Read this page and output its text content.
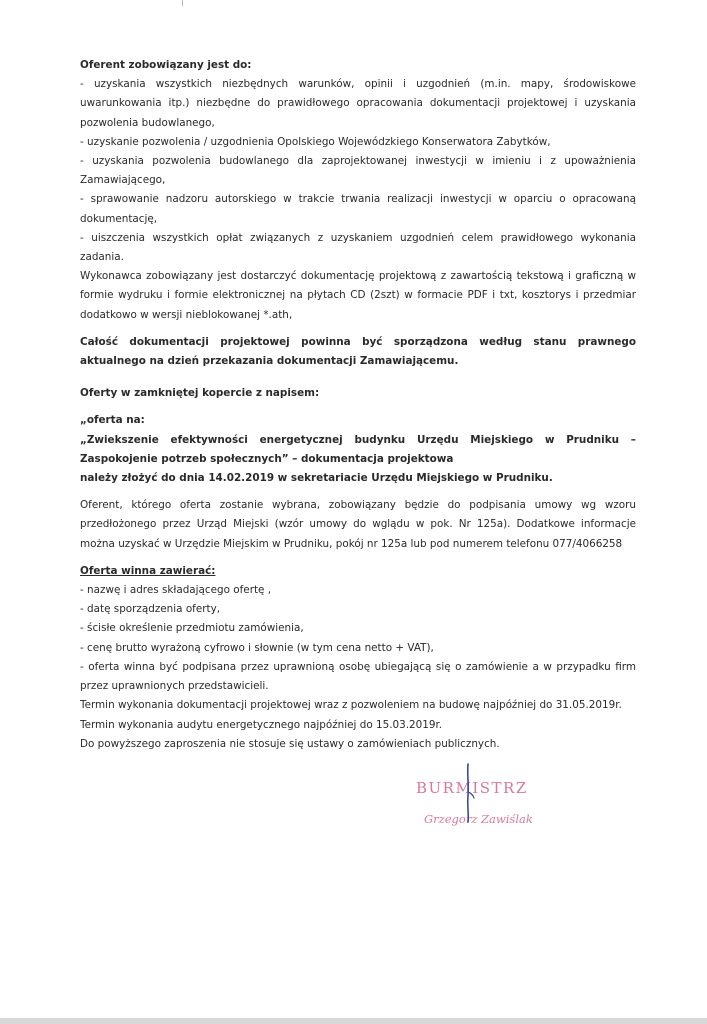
Oferent zobowiązany jest do:

- uzyskania wszystkich niezbędnych warunków, opinii i uzgodnień (m.in. mapy, środowiskowe uwarunkowania itp.) niezbędne do prawidłowego opracowania dokumentacji projektowej i uzyskania pozwolenia budowlanego,

- uzyskanie pozwolenia / uzgodnienia Opolskiego Wojewódzkiego Konserwatora Zabytków,

- uzyskania pozwolenia budowlanego dla zaprojektowanej inwestycji w imieniu i z upoważnienia Zamawiającego,

- sprawowanie nadzoru autorskiego w trakcie trwania realizacji inwestycji w oparciu o opracowaną dokumentację,

- uiszczenia wszystkich opłat związanych z uzyskaniem uzgodnień celem prawidłowego wykonania zadania.

Wykonawca zobowiązany jest dostarczyć dokumentację projektową z zawartością tekstową i graficzną w formie wydruku i formie elektronicznej na płytach CD (2szt) w formacie PDF i txt, kosztorys i przedmiar dodatkowo w wersji nieblokowanej *.ath,

Całość dokumentacji projektowej powinna być sporządzona według stanu prawnego aktualnego na dzień przekazania dokumentacji Zamawiającemu.

Oferty w zamkniętej kopercie z napisem:

„oferta na:

„Zwiekszenie efektywności energetycznej budynku Urzędu Miejskiego w Prudniku – Zaspokojenie potrzeb społecznych” – dokumentacja projektowa

należy złożyć do dnia 14.02.2019 w sekretariacie Urzędu Miejskiego w Prudniku.

Oferent, którego oferta zostanie wybrana, zobowiązany będzie do podpisania umowy wg wzoru przedłożonego przez Urząd Miejski (wzór umowy do wglądu w pok. Nr 125a). Dodatkowe informacje można uzyskać w Urzędzie Miejskim w Prudniku, pokój nr 125a lub pod numerem telefonu 077/4066258

Oferta winna zawierać:

- nazwę i adres składającego ofertę ,

- datę sporządzenia oferty,

- ścisłe określenie przedmiotu zamówienia,

- cenę brutto wyrażoną cyfrowo i słownie (w tym cena netto + VAT),

- oferta winna być podpisana przez uprawnioną osobę ubiegającą się o zamówienie a w przypadku firm przez uprawnionych przedstawicieli.

Termin wykonania dokumentacji projektowej wraz z pozwoleniem na budowę najpóźniej do 31.05.2019r.

Termin wykonania audytu energetycznego najpóźniej do 15.03.2019r.

Do powyższego zaproszenia nie stosuje się ustawy o zamówieniach publicznych.

BURMISTRZ
Grzegorz Zawiślak
